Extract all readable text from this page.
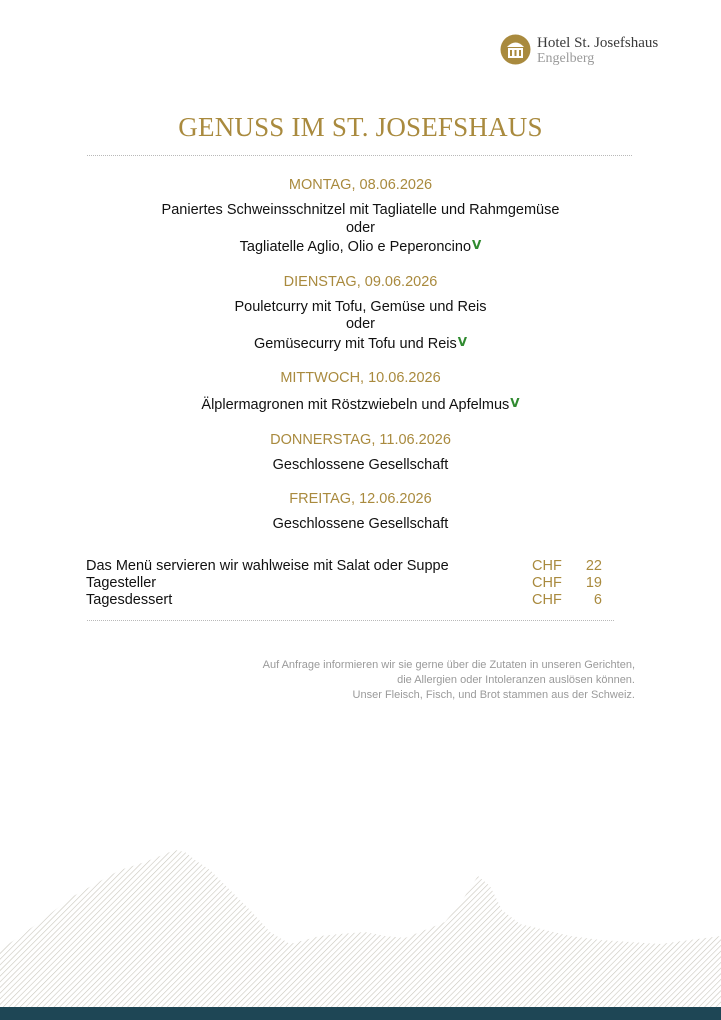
Hotel St. Josefshaus
Engelberg
GENUSS IM ST. JOSEFSHAUS
MONTAG, 08.06.2026
Paniertes Schweinsschnitzel mit Tagliatelle und Rahmgemüse
oder
Tagliatelle Aglio, Olio e PeperoncinoV
DIENSTAG, 09.06.2026
Pouletcurry mit Tofu, Gemüse und Reis
oder
Gemüsecurry mit Tofu und ReisV
MITTWOCH, 10.06.2026
Älplermagronen mit Röstzwiebeln und ApfelmusV
DONNERSTAG, 11.06.2026
Geschlossene Gesellschaft
FREITAG, 12.06.2026
Geschlossene Gesellschaft
Das Menü servieren wir wahlweise mit Salat oder Suppe	CHF	22
Tagesteller	CHF	19
Tagesdessert	CHF	6
Auf Anfrage informieren wir sie gerne über die Zutaten in unseren Gerichten,
die Allergien oder Intoleranzen auslösen können.
Unser Fleisch, Fisch, und Brot stammen aus der Schweiz.
